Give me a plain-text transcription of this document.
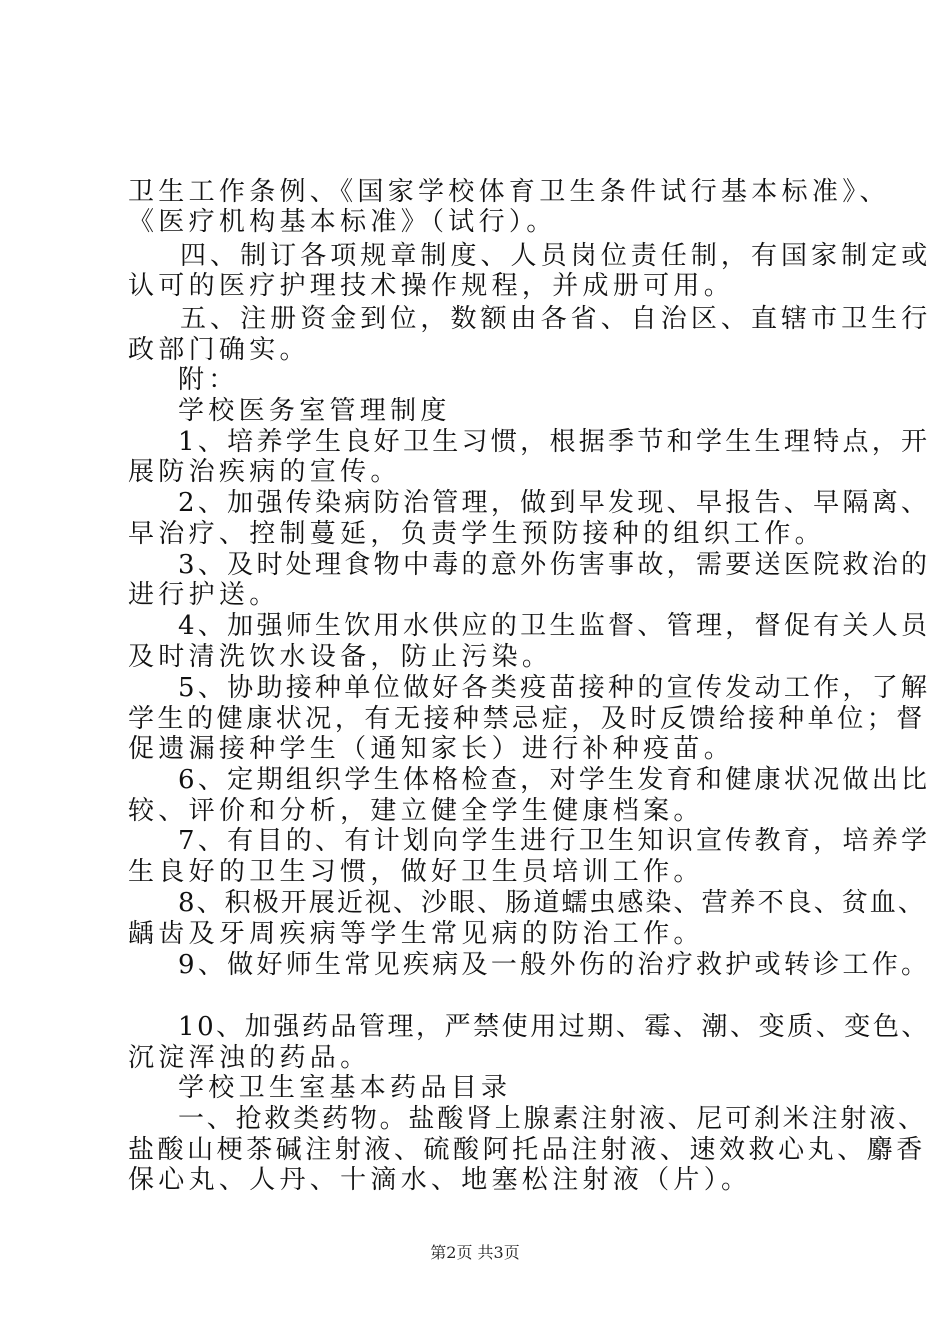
卫生工作条例、《国家学校体育卫生条件试行基本标准》、
《医疗机构基本标准》（试行）。
四、制订各项规章制度、人员岗位责任制，有国家制定或
认可的医疗护理技术操作规程，并成册可用。
五、注册资金到位，数额由各省、自治区、直辖市卫生行
政部门确实。
附：
学校医务室管理制度
1、培养学生良好卫生习惯，根据季节和学生生理特点，开
展防治疾病的宣传。
2、加强传染病防治管理，做到早发现、早报告、早隔离、
早治疗、控制蔓延，负责学生预防接种的组织工作。
3、及时处理食物中毒的意外伤害事故，需要送医院救治的
进行护送。
4、加强师生饮用水供应的卫生监督、管理，督促有关人员
及时清洗饮水设备，防止污染。
5、协助接种单位做好各类疫苗接种的宣传发动工作，了解
学生的健康状况，有无接种禁忌症，及时反馈给接种单位；督
促遗漏接种学生（通知家长）进行补种疫苗。
6、定期组织学生体格检查，对学生发育和健康状况做出比
较、评价和分析，建立健全学生健康档案。
7、有目的、有计划向学生进行卫生知识宣传教育，培养学
生良好的卫生习惯，做好卫生员培训工作。
8、积极开展近视、沙眼、肠道蠕虫感染、营养不良、贫血、
龋齿及牙周疾病等学生常见病的防治工作。
9、做好师生常见疾病及一般外伤的治疗救护或转诊工作。
10、加强药品管理，严禁使用过期、霉、潮、变质、变色、
沉淀浑浊的药品。
学校卫生室基本药品目录
一、抢救类药物。盐酸肾上腺素注射液、尼可刹米注射液、
盐酸山梗茶碱注射液、硫酸阿托品注射液、速效救心丸、麝香
保心丸、人丹、十滴水、地塞松注射液（片）。
第2页 共3页
